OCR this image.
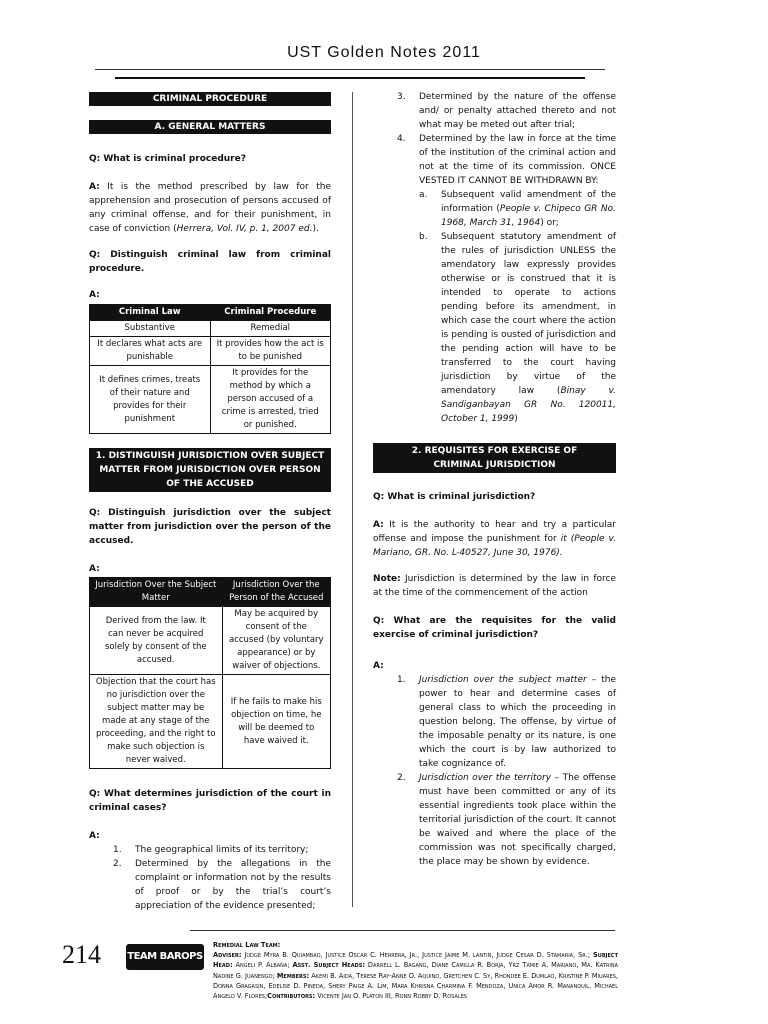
UST Golden Notes 2011
CRIMINAL PROCEDURE
A. GENERAL MATTERS

Q: What is criminal procedure?

A: It is the method prescribed by law for the apprehension and prosecution of persons accused of any criminal offense, and for their punishment, in case of conviction (Herrera, Vol. IV, p. 1, 2007 ed.).

Q: Distinguish criminal law from criminal procedure.

A:

Criminal Law	Criminal Procedure
Substantive	Remedial
It declares what acts are punishable	It provides how the act is to be punished
It defines crimes, treats of their nature and provides for their punishment	It provides for the method by which a person accused of a crime is arrested, tried or punished.
1. DISTINGUISH JURISDICTION OVER SUBJECT MATTER FROM JURISDICTION OVER PERSON OF THE ACCUSED

Q: Distinguish jurisdiction over the subject matter from jurisdiction over the person of the accused.

A:

Jurisdiction Over the Subject Matter	Jurisdiction Over the Person of the Accused
Derived from the law. It can never be acquired solely by consent of the accused.	May be acquired by consent of the accused (by voluntary appearance) or by waiver of objections.
Objection that the court has no jurisdiction over the subject matter may be made at any stage of the proceeding, and the right to make such objection is never waived.	If he fails to make his objection on time, he will be deemed to have waived it.

Q: What determines jurisdiction of the court in criminal cases?

A:

1. The geographical limits of its territory;
2. Determined by the allegations in the complaint or information not by the results of proof or by the trial’s court’s appreciation of the evidence presented;
3. Determined by the nature of the offense and/ or penalty attached thereto and not what may be meted out after trial;
4. Determined by the law in force at the time of the institution of the criminal action and not at the time of its commission. ONCE VESTED IT CANNOT BE WITHDRAWN BY:
a. Subsequent valid amendment of the information (People v. Chipeco GR No. 1968, March 31, 1964) or;
b. Subsequent statutory amendment of the rules of jurisdiction UNLESS the amendatory law expressly provides otherwise or is construed that it is intended to operate to actions pending before its amendment, in which case the court where the action is pending is ousted of jurisdiction and the pending action will have to be transferred to the court having jurisdiction by virtue of the amendatory law (Binay v. Sandiganbayan GR No. 120011, October 1, 1999)
2. REQUISITES FOR EXERCISE OF CRIMINAL JURISDICTION

Q: What is criminal jurisdiction?

A: It is the authority to hear and try a particular offense and impose the punishment for it (People v. Mariano, GR. No. L-40527, June 30, 1976).

Note: Jurisdiction is determined by the law in force at the time of the commencement of the action

Q: What are the requisites for the valid exercise of criminal jurisdiction?

A:

1. Jurisdiction over the subject matter – the power to hear and determine cases of general class to which the proceeding in question belong. The offense, by virtue of the imposable penalty or its nature, is one which the court is by law authorized to take cognizance of.
2. Jurisdiction over the territory – The offense must have been committed or any of its essential ingredients took place within the territorial jurisdiction of the court. It cannot be waived and where the place of the commission was not specifically charged, the place may be shown by evidence.
214	TEAM BAROPS
Remedial Law Team:
Adviser: Judge Myra B. Quiambao, Justice Oscar C. Herrera, Jr., Justice Jaime M. lantin, Judge Cesar D. Stamaria, Sr.; Subject Head: Angeli P. Albaña; Asst. Subject Heads: Darrell L. Bagang, Diane Camilla R. Borja, Yrz Tamie A. Mariano, Ma. Katrina Nadine G. Juanengo; Members: Akemi B. Aida, Terese Ray-Anne O. Aquino, Gretchen C. Sy, Rhondee E. Dumlao, Kristine P. Miuares, Donna Gragasin, Edelise D. Pineda, Shery Paige A. Lim, Mara Khrisna Charmina F. Mendoza, Unica Amor R. Mananquil, Michael Angelo V. Flores;Contributors: Vicente Jan O. Platon III, Ronn Robby D. Rosales
